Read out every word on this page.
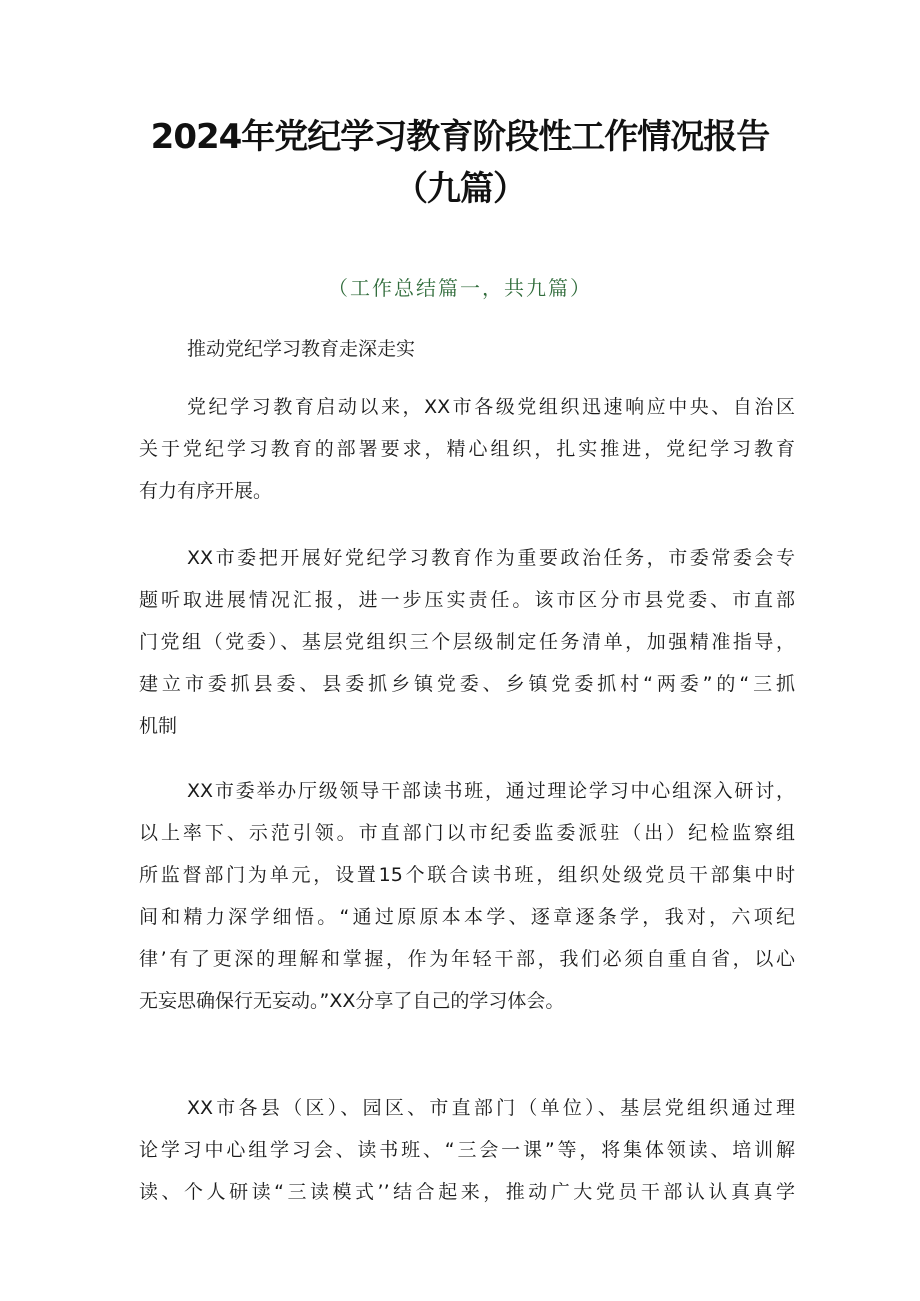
2024年党纪学习教育阶段性工作情况报告
（九篇）
（工作总结篇一，共九篇）
推动党纪学习教育走深走实
党纪学习教育启动以来，XX市各级党组织迅速响应中央、自治区
关于党纪学习教育的部署要求，精心组织，扎实推进，党纪学习教育
有力有序开展。
XX市委把开展好党纪学习教育作为重要政治任务，市委常委会专
题听取进展情况汇报，进一步压实责任。该市区分市县党委、市直部
门党组（党委）、基层党组织三个层级制定任务清单，加强精准指导，
建立市委抓县委、县委抓乡镇党委、乡镇党委抓村“两委”的“三抓
机制
XX市委举办厅级领导干部读书班，通过理论学习中心组深入研讨，
以上率下、示范引领。市直部门以市纪委监委派驻（出）纪检监察组
所监督部门为单元，设置15个联合读书班，组织处级党员干部集中时
间和精力深学细悟。“通过原原本本学、逐章逐条学，我对，六项纪
律’有了更深的理解和掌握，作为年轻干部，我们必须自重自省，以心
无妄思确保行无妄动。”XX分享了自己的学习体会。
XX市各县（区）、园区、市直部门（单位）、基层党组织通过理
论学习中心组学习会、读书班、“三会一课”等，将集体领读、培训解
读、个人研读“三读模式’’结合起来，推动广大党员干部认认真真学
